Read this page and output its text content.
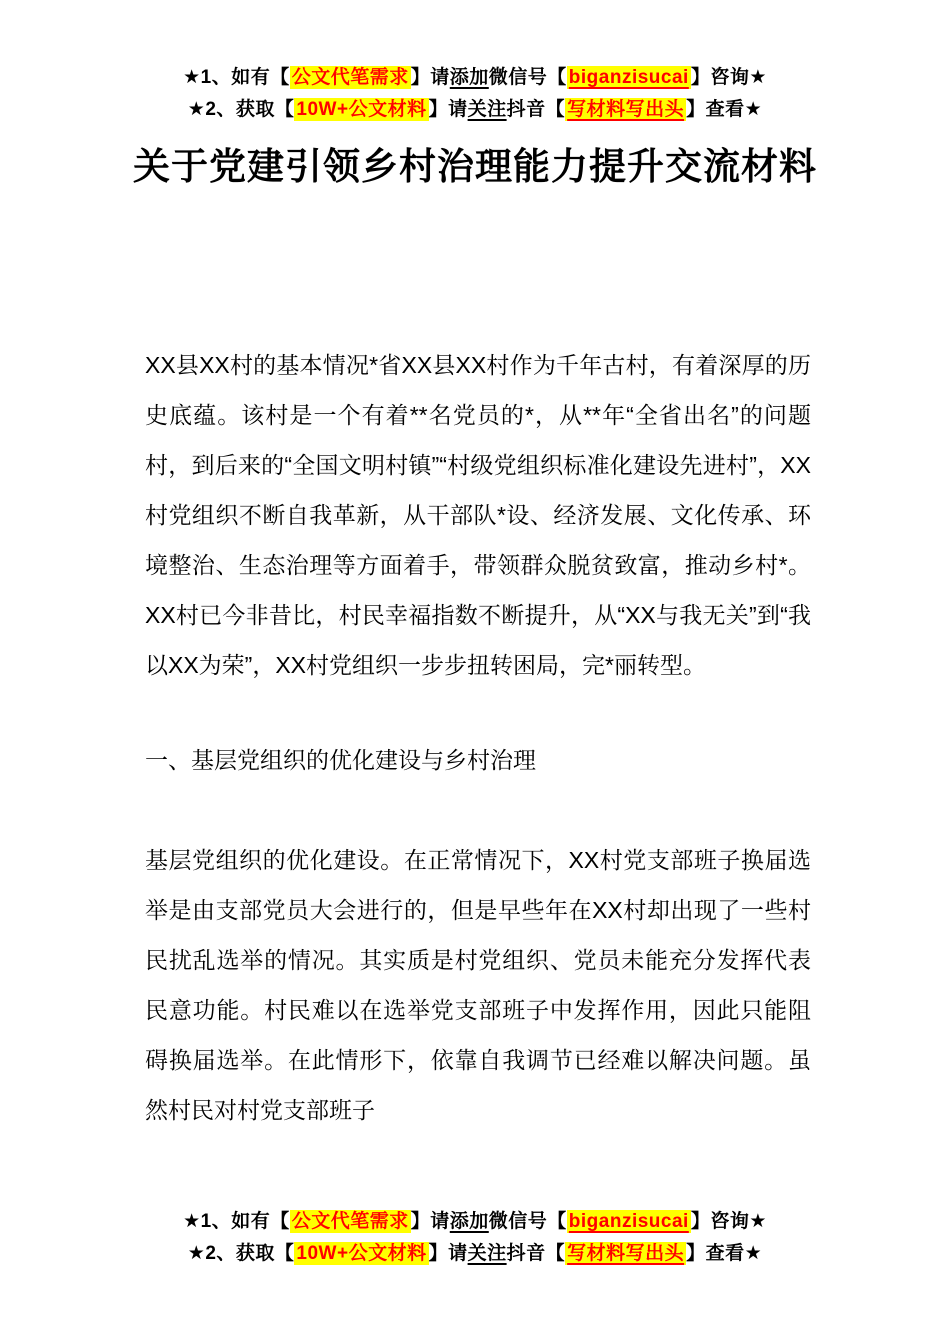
★1、如有【 公文代笔需求 】请添加微信号【 biganzisucai 】咨询★
★2、获取【 10W+公文材料 】请关注抖音【 写材料写出头 】查看★
关于党建引领乡村治理能力提升交流材料

XX县XX村的基本情况*省XX县XX村作为千年古村，有着深厚的历史底蕴。该村是一个有着**名党员的*，从**年“全省出名”的问题村，到后来的“全国文明村镇”“村级党组织标准化建设先进村”，XX村党组织不断自我革新，从干部队*设、经济发展、文化传承、环境整治、生态治理等方面着手，带领群众脱贫致富，推动乡村*。XX村已今非昔比，村民幸福指数不断提升，从“XX与我无关”到“我以XX为荣”，XX村党组织一步步扭转困局，完*丽转型。

一、基层党组织的优化建设与乡村治理

基层党组织的优化建设。在正常情况下，XX村党支部班子换届选举是由支部党员大会进行的，但是早些年在XX村却出现了一些村民扰乱选举的情况。其实质是村党组织、党员未能充分发挥代表民意功能。村民难以在选举党支部班子中发挥作用，因此只能阻碍换届选举。在此情形下，依靠自我调节已经难以解决问题。虽然村民对村党支部班子

★1、如有【 公文代笔需求 】请添加微信号【 biganzisucai 】咨询★
★2、获取【 10W+公文材料 】请关注抖音【 写材料写出头 】查看★
